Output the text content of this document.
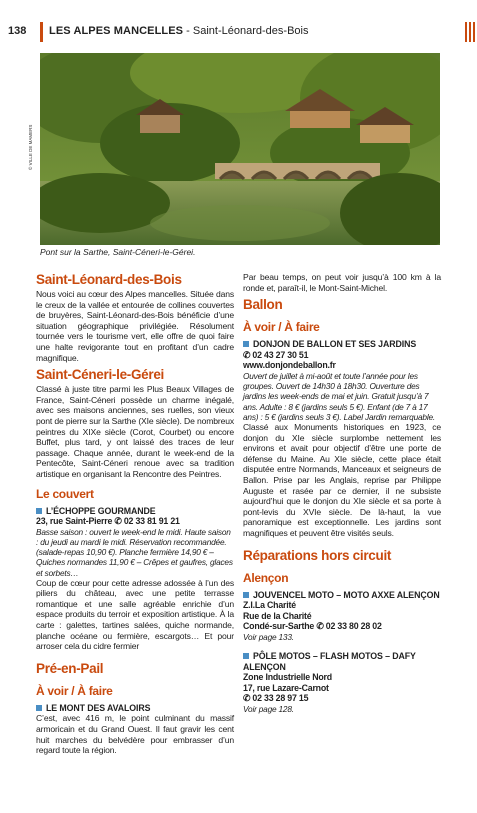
138 LES ALPES MANCELLES - Saint-Léonard-des-Bois
© VILLE DE MAMERS
Pont sur la Sarthe, Saint-Céneri-le-Gérei.
Saint-Léonard-des-Bois

Nous voici au cœur des Alpes mancelles. Située dans le creux de la vallée et entourée de collines couvertes de bruyères, Saint-Léonard-des-Bois bénéficie d’une situation géographique privilégiée. Résolument tournée vers le tourisme vert, elle offre de quoi faire une halte revigorante tout en profitant d’un cadre magnifique.

Saint-Céneri-le-Gérei

Classé à juste titre parmi les Plus Beaux Villages de France, Saint-Céneri possède un charme inégalé, avec ses maisons anciennes, ses ruelles, son vieux pont de pierre sur la Sarthe (XIe siècle). De nombreux peintres du XIXe siècle (Corot, Courbet) ou encore Buffet, plus tard, y ont laissé des traces de leur passage. Chaque année, durant le week-end de la Pentecôte, Saint-Céneri renoue avec sa tradition artistique en organisant la Rencontre des Peintres.

Le couvert
L’ÉCHOPPE GOURMANDE
23, rue Saint-Pierre ✆ 02 33 81 91 21
Basse saison : ouvert le week-end le midi. Haute saison : du jeudi au mardi le midi. Réservation recommandée. (salade-repas 10,90 €). Planche fermière 14,90 € – Quiches normandes 11,90 € – Crêpes et gaufres, glaces et sorbets…

Coup de cœur pour cette adresse adossée à l’un des piliers du château, avec une petite terrasse romantique et une salle agréable enrichie d’un espace produits du terroir et exposition artistique. À la carte : galettes, tartines salées, quiche normande, planche océane ou fermière, escargots… Et pour arroser cela du cidre fermier

Pré-en-Pail
À voir / À faire
LE MONT DES AVALOIRS

C’est, avec 416 m, le point culminant du massif armoricain et du Grand Ouest. Il faut gravir les cent huit marches du belvédère pour embrasser d’un regard toute la région.

Par beau temps, on peut voir jusqu’à 100 km à la ronde et, paraît-il, le Mont-Saint-Michel.

Ballon
À voir / À faire
DONJON DE BALLON ET SES JARDINS
✆ 02 43 27 30 51
www.donjondeballon.fr
Ouvert de juillet à mi-août et toute l’année pour les groupes. Ouvert de 14h30 à 18h30. Ouverture des jardins les week-ends de mai et juin. Gratuit jusqu’à 7 ans. Adulte : 8 € (jardins seuls 5 €). Enfant (de 7 à 17 ans) : 5 € (jardins seuls 3 €). Label Jardin remarquable.

Classé aux Monuments historiques en 1923, ce donjon du XIe siècle surplombe nettement les environs et avait pour objectif d’être une porte de défense du Maine. Au XIe siècle, cette place était disputée entre Normands, Manceaux et seigneurs de Ballon. Prise par les Anglais, reprise par Philippe Auguste et rasée par ce dernier, il ne subsiste aujourd’hui que le donjon du XIe siècle et sa porte à pont-levis du XVIe siècle. De là-haut, la vue panoramique est exceptionnelle. Les jardins sont magnifiques et peuvent être visités seuls.

Réparations hors circuit
Alençon
JOUVENCEL MOTO – MOTO AXXE ALENÇON
Z.I.La Charité
Rue de la Charité
Condé-sur-Sarthe ✆ 02 33 80 28 02
Voir page 133.
PÔLE MOTOS – FLASH MOTOS – DAFY ALENÇON
Zone Industrielle Nord
17, rue Lazare-Carnot
✆ 02 33 28 97 15
Voir page 128.
